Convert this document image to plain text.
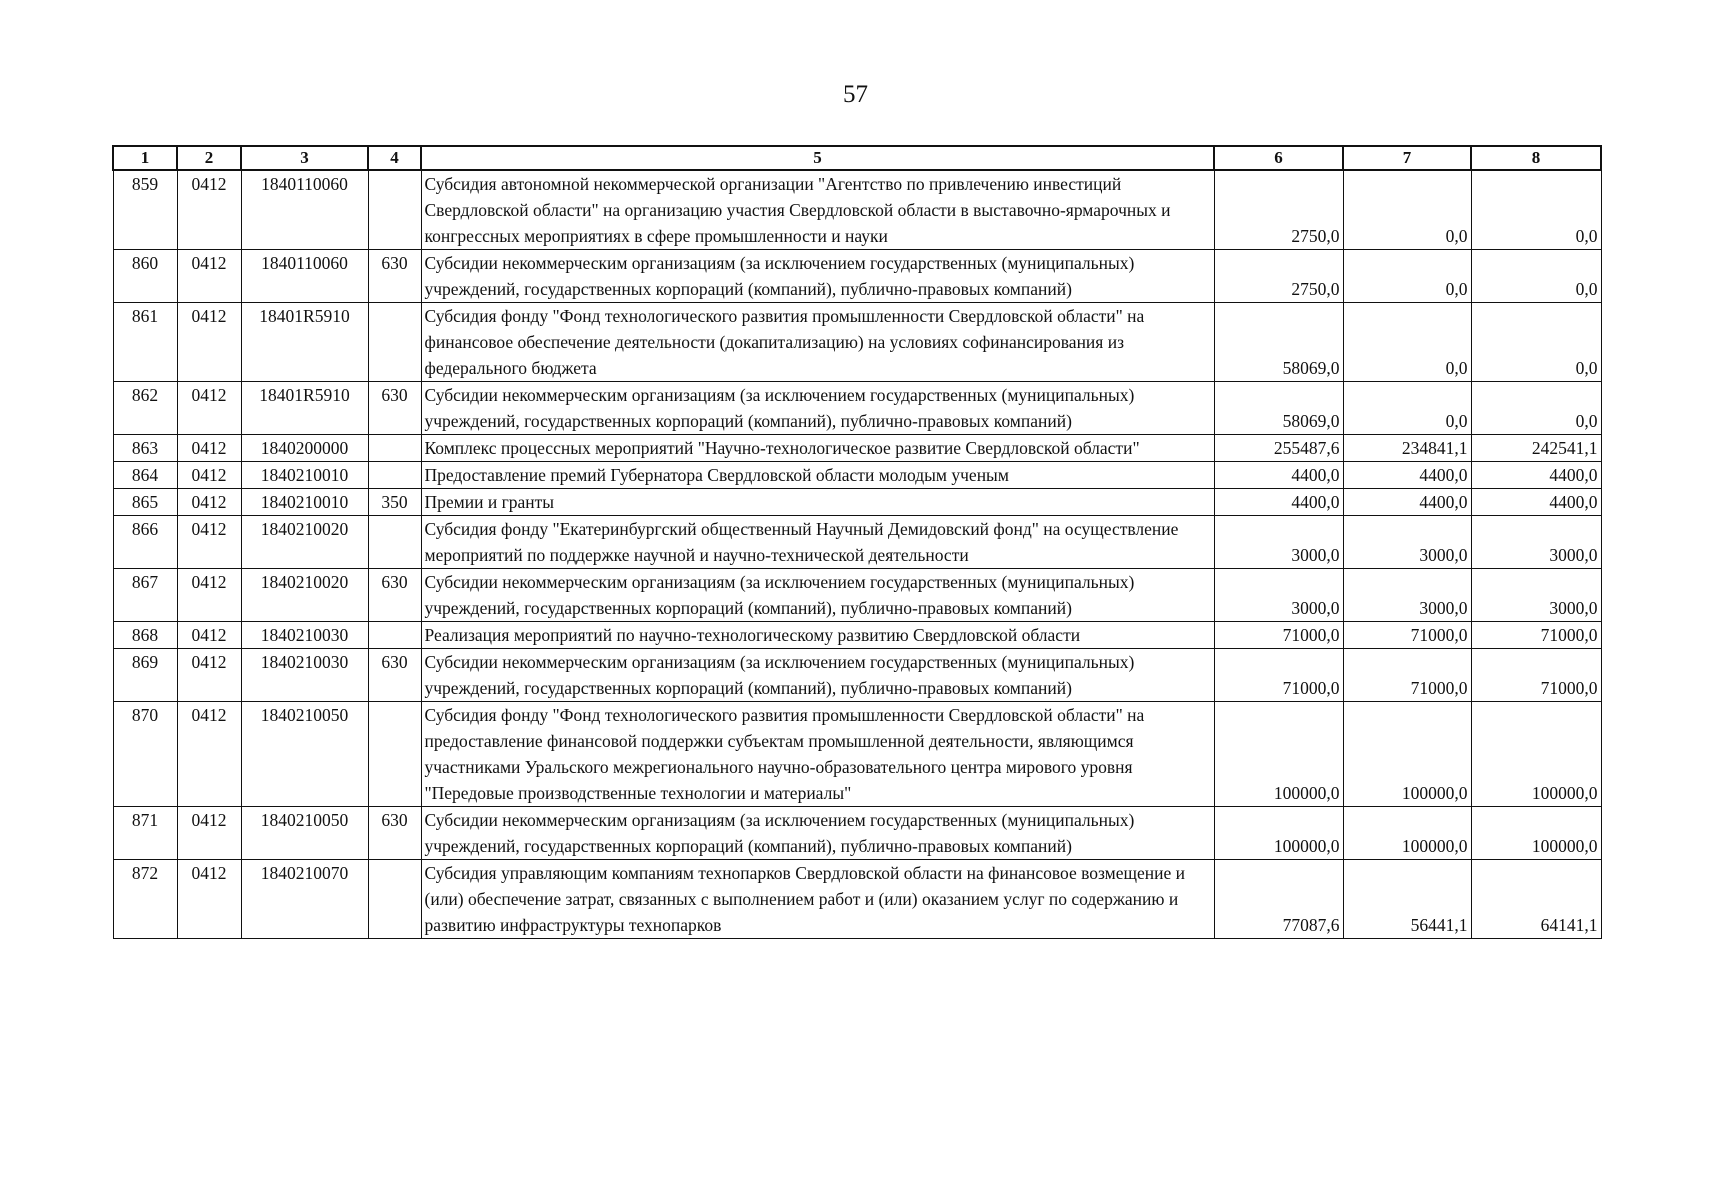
57
1	2	3	4	5	6	7	8
859	0412	1840110060		Субсидия автономной некоммерческой организации "Агентство по привлечению инвестиций Свердловской области" на организацию участия Свердловской области в выставочно-ярмарочных и конгрессных мероприятиях в сфере промышленности и науки	2750,0	0,0	0,0
860	0412	1840110060	630	Субсидии некоммерческим организациям (за исключением государственных (муниципальных) учреждений, государственных корпораций (компаний), публично-правовых компаний)	2750,0	0,0	0,0
861	0412	18401R5910		Субсидия фонду "Фонд технологического развития промышленности Свердловской области" на финансовое обеспечение деятельности (докапитализацию) на условиях софинансирования из федерального бюджета	58069,0	0,0	0,0
862	0412	18401R5910	630	Субсидии некоммерческим организациям (за исключением государственных (муниципальных) учреждений, государственных корпораций (компаний), публично-правовых компаний)	58069,0	0,0	0,0
863	0412	1840200000		Комплекс процессных мероприятий "Научно-технологическое развитие Свердловской области"	255487,6	234841,1	242541,1
864	0412	1840210010		Предоставление премий Губернатора Свердловской области молодым ученым	4400,0	4400,0	4400,0
865	0412	1840210010	350	Премии и гранты	4400,0	4400,0	4400,0
866	0412	1840210020		Субсидия фонду "Екатеринбургский общественный Научный Демидовский фонд" на осуществление мероприятий по поддержке научной и научно-технической деятельности	3000,0	3000,0	3000,0
867	0412	1840210020	630	Субсидии некоммерческим организациям (за исключением государственных (муниципальных) учреждений, государственных корпораций (компаний), публично-правовых компаний)	3000,0	3000,0	3000,0
868	0412	1840210030		Реализация мероприятий по научно-технологическому развитию Свердловской области	71000,0	71000,0	71000,0
869	0412	1840210030	630	Субсидии некоммерческим организациям (за исключением государственных (муниципальных) учреждений, государственных корпораций (компаний), публично-правовых компаний)	71000,0	71000,0	71000,0
870	0412	1840210050		Субсидия фонду "Фонд технологического развития промышленности Свердловской области" на предоставление финансовой поддержки субъектам промышленной деятельности, являющимся участниками Уральского межрегионального научно-образовательного центра мирового уровня "Передовые производственные технологии и материалы"	100000,0	100000,0	100000,0
871	0412	1840210050	630	Субсидии некоммерческим организациям (за исключением государственных (муниципальных) учреждений, государственных корпораций (компаний), публично-правовых компаний)	100000,0	100000,0	100000,0
872	0412	1840210070		Субсидия управляющим компаниям технопарков Свердловской области на финансовое возмещение и (или) обеспечение затрат, связанных с выполнением работ и (или) оказанием услуг по содержанию и развитию инфраструктуры технопарков	77087,6	56441,1	64141,1
